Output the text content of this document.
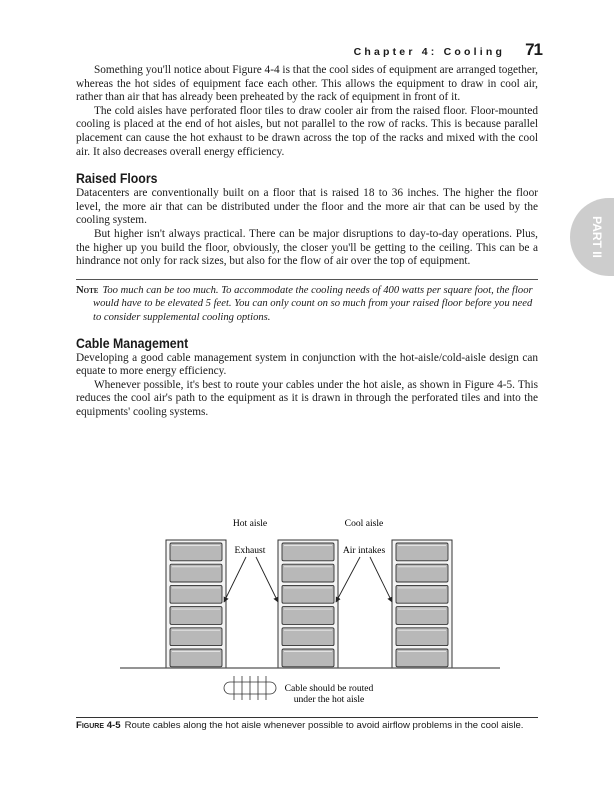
Chapter 4: Cooling 71
PART II

Something you'll notice about Figure 4-4 is that the cool sides of equipment are arranged together, whereas the hot sides of equipment face each other. This allows the equipment to draw in cool air, rather than air that has already been preheated by the rack of equipment in front of it.

The cold aisles have perforated floor tiles to draw cooler air from the raised floor. Floor-mounted cooling is placed at the end of hot aisles, but not parallel to the row of racks. This is because parallel placement can cause the hot exhaust to be drawn across the top of the racks and mixed with the cool air. It also decreases overall energy efficiency.

Raised Floors

Datacenters are conventionally built on a floor that is raised 18 to 36 inches. The higher the floor level, the more air that can be distributed under the floor and the more air that can be used by the cooling system.

But higher isn't always practical. There can be major disruptions to day-to-day operations. Plus, the higher up you build the floor, obviously, the closer you'll be getting to the ceiling. This can be a hindrance not only for rack sizes, but also for the flow of air over the top of equipment.

Note Too much can be too much. To accommodate the cooling needs of 400 watts per square foot, the floor would have to be elevated 5 feet. You can only count on so much from your raised floor before you need to consider supplemental cooling options.
Cable Management

Developing a good cable management system in conjunction with the hot-aisle/cold-aisle design can equate to more energy efficiency.

Whenever possible, it's best to route your cables under the hot aisle, as shown in Figure 4-5. This reduces the cool air's path to the equipment as it is drawn in through the perforated tiles and into the equipments' cooling systems.

Hot aisle	Cool aisle
Exhaust	Air intakes
Cable should be routed
under the hot aisle
Figure 4-5 Route cables along the hot aisle whenever possible to avoid airflow problems in the cool aisle.
